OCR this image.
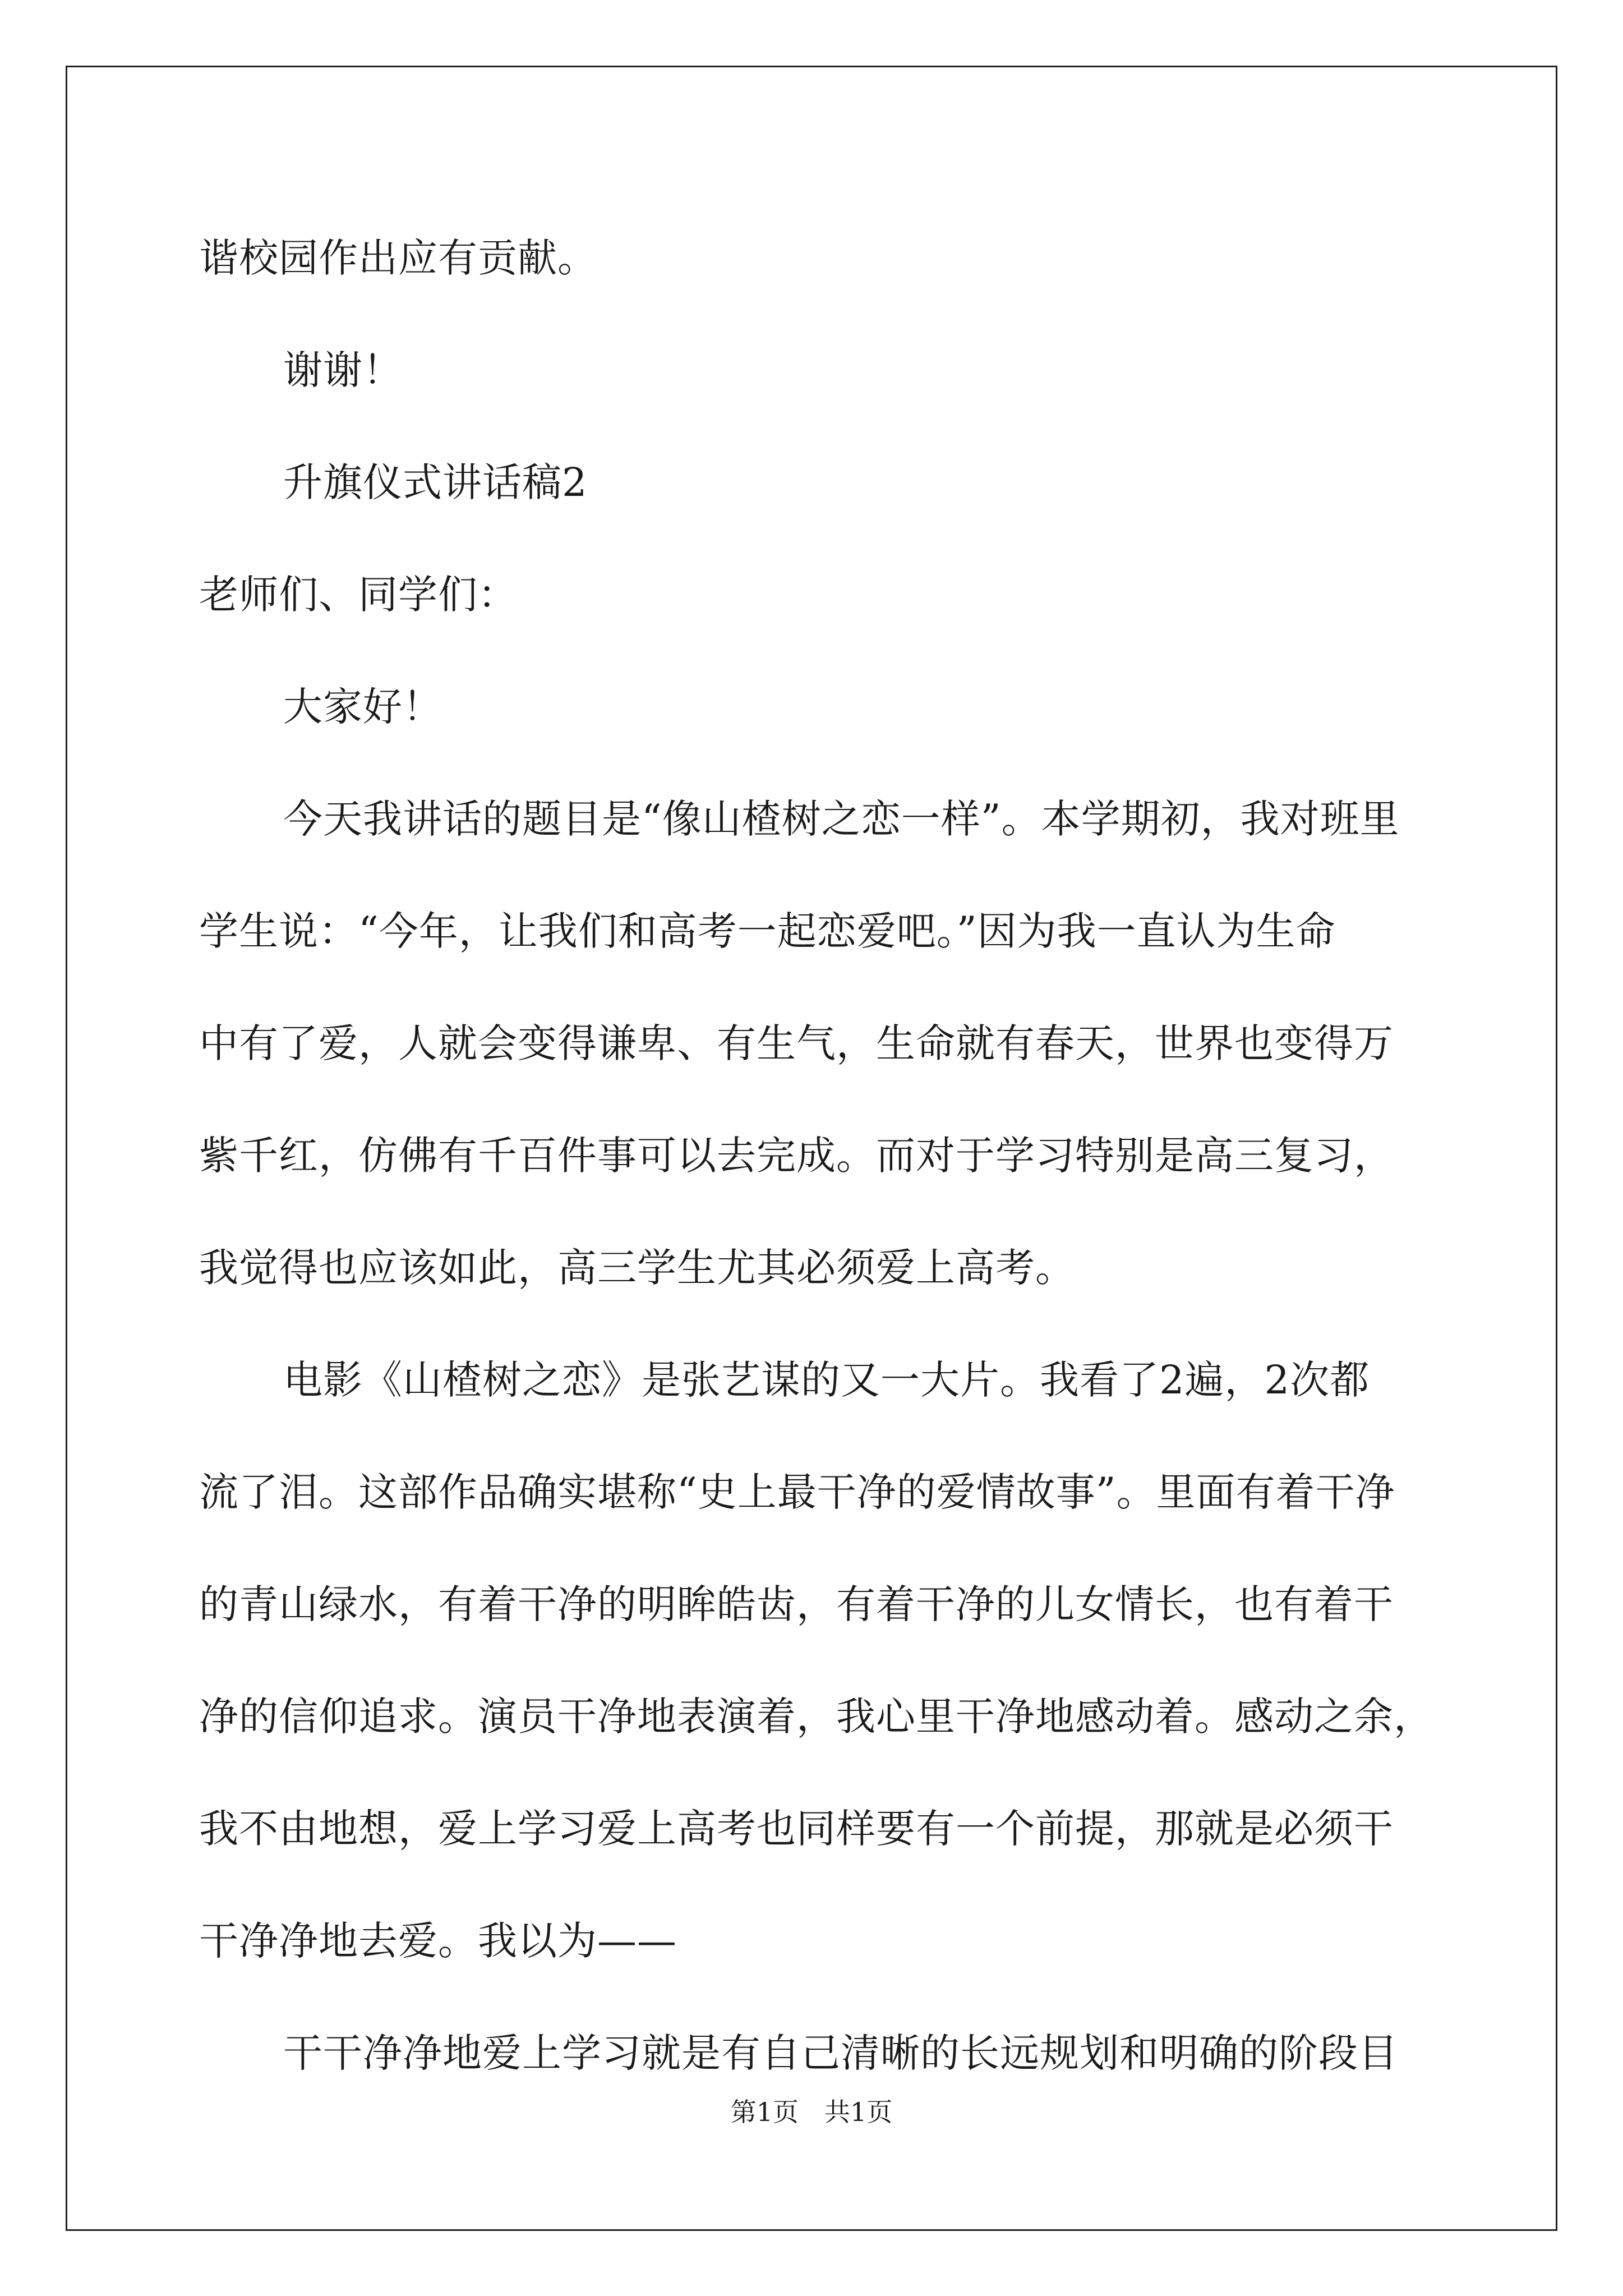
谐校园作出应有贡献。
谢谢！
升旗仪式讲话稿2
老师们、同学们：
大家好！
今天我讲话的题目是“像山楂树之恋一样”。本学期初，我对班里
学生说：“今年，让我们和高考一起恋爱吧。”因为我一直认为生命
中有了爱，人就会变得谦卑、有生气，生命就有春天，世界也变得万
紫千红，仿佛有千百件事可以去完成。而对于学习特别是高三复习，
我觉得也应该如此，高三学生尤其必须爱上高考。
电影《山楂树之恋》是张艺谋的又一大片。我看了2遍，2次都
流了泪。这部作品确实堪称“史上最干净的爱情故事”。里面有着干净
的青山绿水，有着干净的明眸皓齿，有着干净的儿女情长，也有着干
净的信仰追求。演员干净地表演着，我心里干净地感动着。感动之余，
我不由地想，爱上学习爱上高考也同样要有一个前提，那就是必须干
干净净地去爱。我以为——
干干净净地爱上学习就是有自己清晰的长远规划和明确的阶段目
第1页　共1页
